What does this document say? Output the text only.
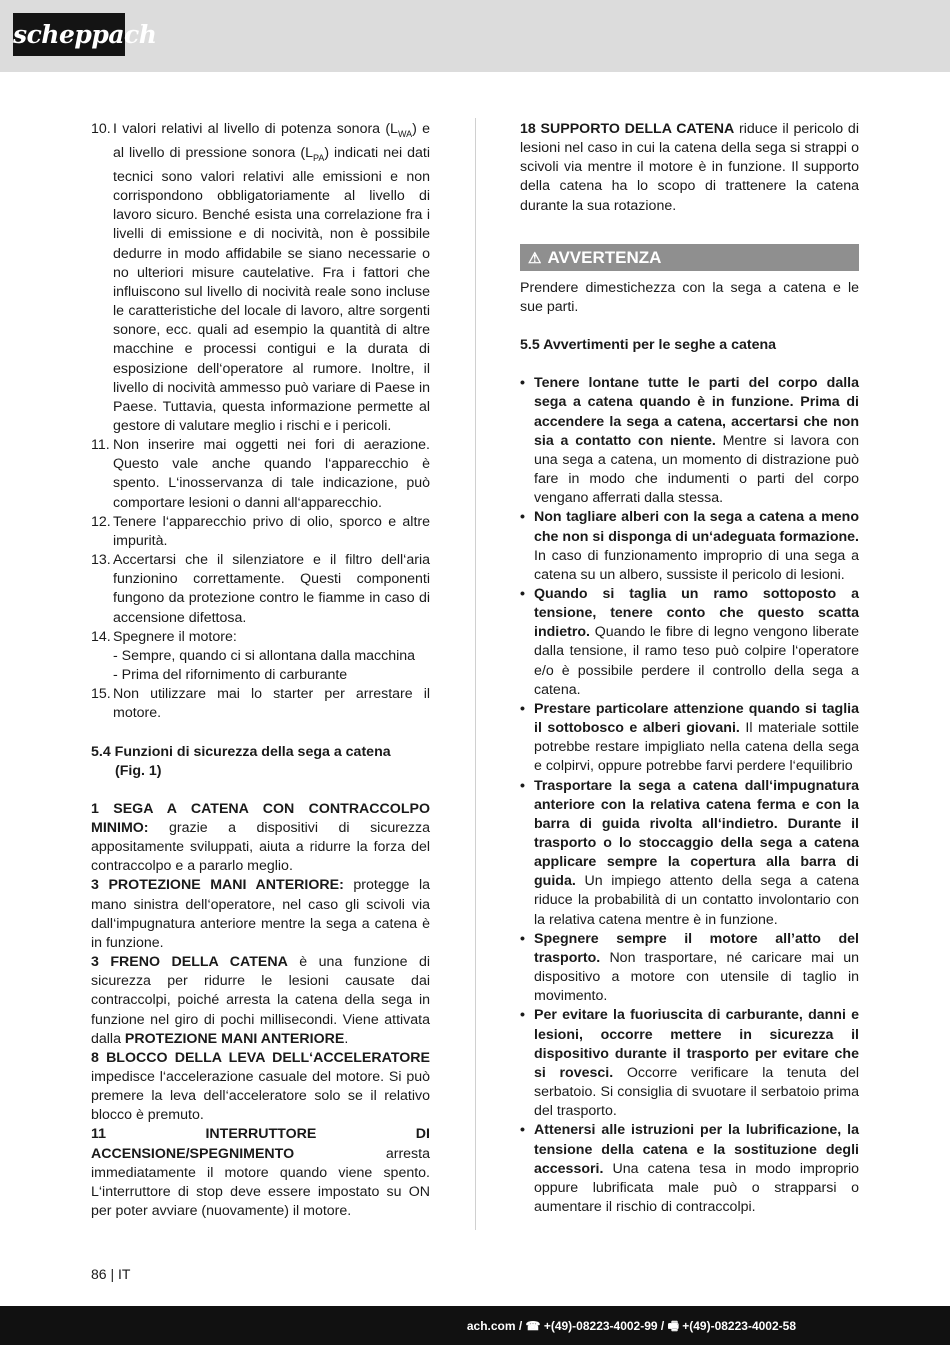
scheppach
10. I valori relativi al livello di potenza sonora $(L_{WA})$ e al livello di pressione sonora $(L_{PA})$ indicati nei dati tecnici sono valori relativi alle emissioni e non corrispondono obbligatoriamente al livello di lavoro sicuro. Benché esista una correlazione fra i livelli di emissione e di nocività, non è possibile dedurre in modo affidabile se siano necessarie o no ulteriori misure cautelative. Fra i fattori che influiscono sul livello di nocività reale sono incluse le caratteristiche del locale di lavoro, altre sorgenti sonore, ecc. quali ad esempio la quantità di altre macchine e processi contigui e la durata di esposizione dell‘operatore al rumore. Inoltre, il livello di nocività ammesso può variare di Paese in Paese. Tuttavia, questa informazione permette al gestore di valutare meglio i rischi e i pericoli.
11. Non inserire mai oggetti nei fori di aerazione. Questo vale anche quando l‘apparecchio è spento. L‘inosservanza di tale indicazione, può comportare lesioni o danni all‘apparecchio.
12. Tenere l‘apparecchio privo di olio, sporco e altre impurità.
13. Accertarsi che il silenziatore e il filtro dell‘aria funzionino correttamente. Questi componenti fungono da protezione contro le fiamme in caso di accensione difettosa.
14. Spegnere il motore:
- Sempre, quando ci si allontana dalla macchina
- Prima del rifornimento di carburante
15. Non utilizzare mai lo starter per arrestare il motore.

5.4 Funzioni di sicurezza della sega a catena

(Fig. 1)

1 SEGA A CATENA CON CONTRACCOLPO MINIMO: grazie a dispositivi di sicurezza appositamente sviluppati, aiuta a ridurre la forza del contraccolpo e a pararlo meglio.

3 PROTEZIONE MANI ANTERIORE: protegge la mano sinistra dell‘operatore, nel caso gli scivoli via dall‘impugnatura anteriore mentre la sega a catena è in funzione.

3 FRENO DELLA CATENA è una funzione di sicurezza per ridurre le lesioni causate dai contraccolpi, poiché arresta la catena della sega in funzione nel giro di pochi millisecondi. Viene attivata dalla PROTEZIONE MANI ANTERIORE.

8 BLOCCO DELLA LEVA DELL‘ACCELERATORE impedisce l‘accelerazione casuale del motore. Si può premere la leva dell‘acceleratore solo se il relativo blocco è premuto.

11 INTERRUTTORE DI ACCENSIONE/SPEGNIMENTO arresta immediatamente il motore quando viene spento. L‘interruttore di stop deve essere impostato su ON per poter avviare (nuovamente) il motore.

18 SUPPORTO DELLA CATENA riduce il pericolo di lesioni nel caso in cui la catena della sega si strappi o scivoli via mentre il motore è in funzione. Il supporto della catena ha lo scopo di trattenere la catena durante la sua rotazione.

⚠ AVVERTENZA

Prendere dimestichezza con la sega a catena e le sue parti.

5.5 Avvertimenti per le seghe a catena

• Tenere lontane tutte le parti del corpo dalla sega a catena quando è in funzione. Prima di accendere la sega a catena, accertarsi che non sia a contatto con niente. Mentre si lavora con una sega a catena, un momento di distrazione può fare in modo che indumenti o parti del corpo vengano afferrati dalla stessa.
• Non tagliare alberi con la sega a catena a meno che non si disponga di un‘adeguata formazione. In caso di funzionamento improprio di una sega a catena su un albero, sussiste il pericolo di lesioni.
• Quando si taglia un ramo sottoposto a tensione, tenere conto che questo scatta indietro. Quando le fibre di legno vengono liberate dalla tensione, il ramo teso può colpire l‘operatore e/o è possibile perdere il controllo della sega a catena.
• Prestare particolare attenzione quando si taglia il sottobosco e alberi giovani. Il materiale sottile potrebbe restare impigliato nella catena della sega e colpirvi, oppure potrebbe farvi perdere l‘equilibrio
• Trasportare la sega a catena dall‘impugnatura anteriore con la relativa catena ferma e con la barra di guida rivolta all‘indietro. Durante il trasporto o lo stoccaggio della sega a catena applicare sempre la copertura alla barra di guida. Un impiego attento della sega a catena riduce la probabilità di un contatto involontario con la relativa catena mentre è in funzione.
• Spegnere sempre il motore all’atto del trasporto. Non trasportare, né caricare mai un dispositivo a motore con utensile di taglio in movimento.
• Per evitare la fuoriuscita di carburante, danni e lesioni, occorre mettere in sicurezza il dispositivo durante il trasporto per evitare che si rovesci. Occorre verificare la tenuta del serbatoio. Si consiglia di svuotare il serbatoio prima del trasporto.
• Attenersi alle istruzioni per la lubrificazione, la tensione della catena e la sostituzione degli accessori. Una catena tesa in modo improprio oppure lubrificata male può o strapparsi o aumentare il rischio di contraccolpi.
86 | IT
ach.com / ☎ +(49)-08223-4002-99 / 🖷 +(49)-08223-4002-58
